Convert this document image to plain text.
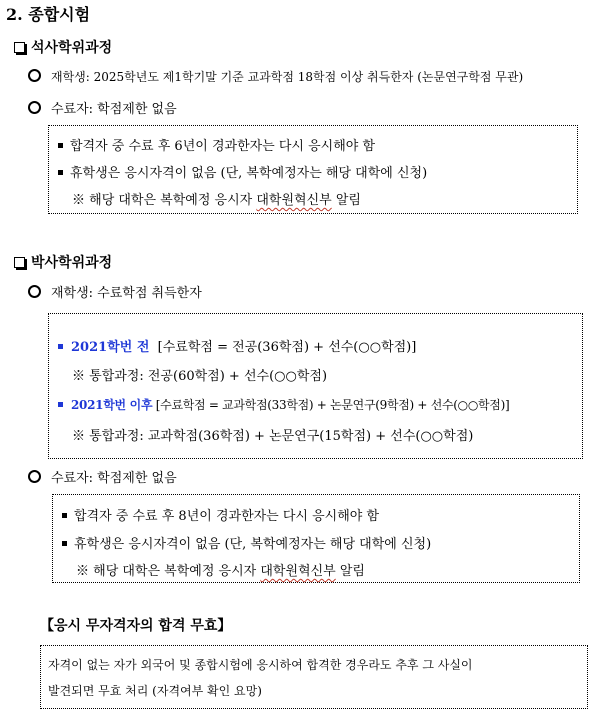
2. 종합시험
석사학위과정
재학생: 2025학년도 제1학기말 기준 교과학점 18학점 이상 취득한자 (논문연구학점 무관)
수료자: 학점제한 없음
합격자 중 수료 후 6년이 경과한자는 다시 응시해야 함
휴학생은 응시자격이 없음 (단, 복학예정자는 해당 대학에 신청)
※ 해당 대학은 복학예정 응시자 대학원혁신부 알림
박사학위과정
재학생: 수료학점 취득한자
2021학번 전 [수료학점 = 전공(36학점) + 선수(○○학점)]
※ 통합과정: 전공(60학점) + 선수(○○학점)
2021학번 이후 [수료학점 = 교과학점(33학점) + 논문연구(9학점) + 선수(○○학점)]
※ 통합과정: 교과학점(36학점) + 논문연구(15학점) + 선수(○○학점)
수료자: 학점제한 없음
합격자 중 수료 후 8년이 경과한자는 다시 응시해야 함
휴학생은 응시자격이 없음 (단, 복학예정자는 해당 대학에 신청)
※ 해당 대학은 복학예정 응시자 대학원혁신부 알림
【응시 무자격자의 합격 무효】
자격이 없는 자가 외국어 및 종합시험에 응시하여 합격한 경우라도 추후 그 사실이
발견되면 무효 처리 (자격여부 확인 요망)
